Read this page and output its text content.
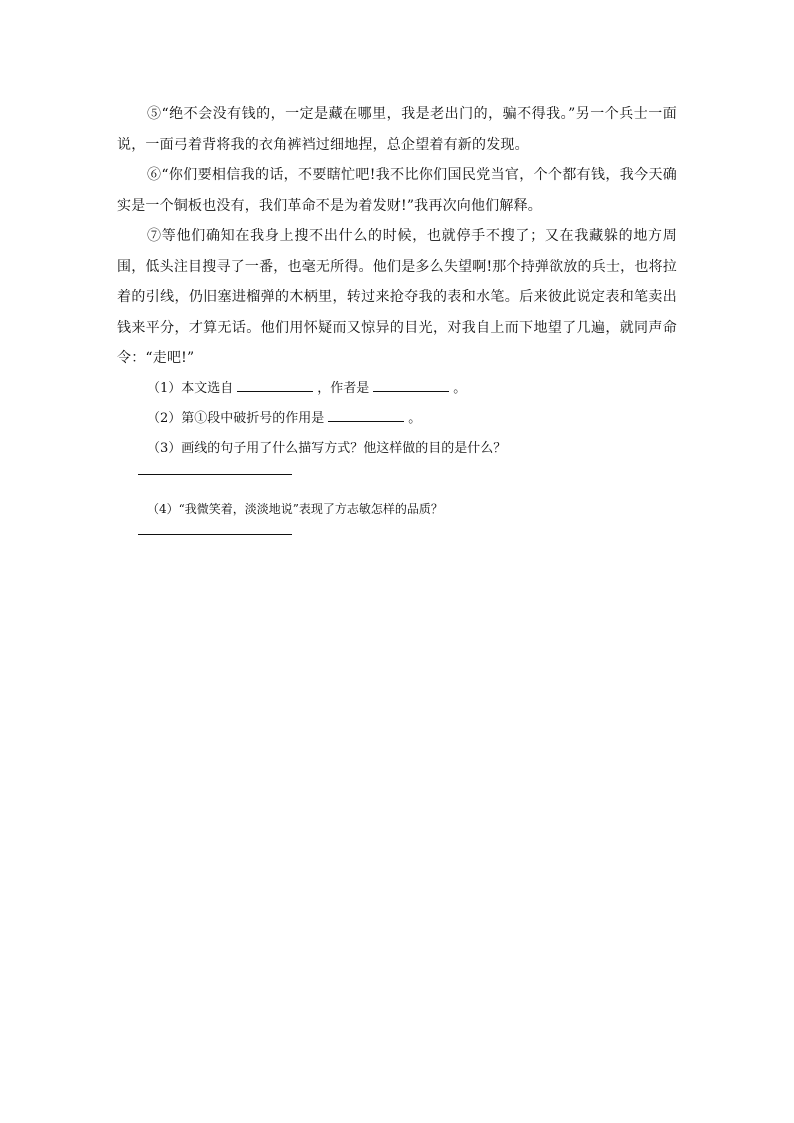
⑤“绝不会没有钱的，一定是藏在哪里，我是老出门的，骗不得我。”另一个兵士一面说，一面弓着背将我的衣角裤裆过细地捏，总企望着有新的发现。

⑥“你们要相信我的话，不要瞎忙吧!我不比你们国民党当官，个个都有钱，我今天确实是一个铜板也没有，我们革命不是为着发财!”我再次向他们解释。

⑦等他们确知在我身上搜不出什么的时候，也就停手不搜了；又在我藏躲的地方周围，低头注目搜寻了一番，也毫无所得。他们是多么失望啊!那个持弹欲放的兵士，也将拉着的引线，仍旧塞进榴弹的木柄里，转过来抢夺我的表和水笔。后来彼此说定表和笔卖出钱来平分，才算无话。他们用怀疑而又惊异的目光，对我自上而下地望了几遍，就同声命令：“走吧!”

（1）本文选自	，作者是	。

（2）第①段中破折号的作用是	。

（3）画线的句子用了什么描写方式？他这样做的目的是什么？

（4）“我微笑着，淡淡地说”表现了方志敏怎样的品质？
